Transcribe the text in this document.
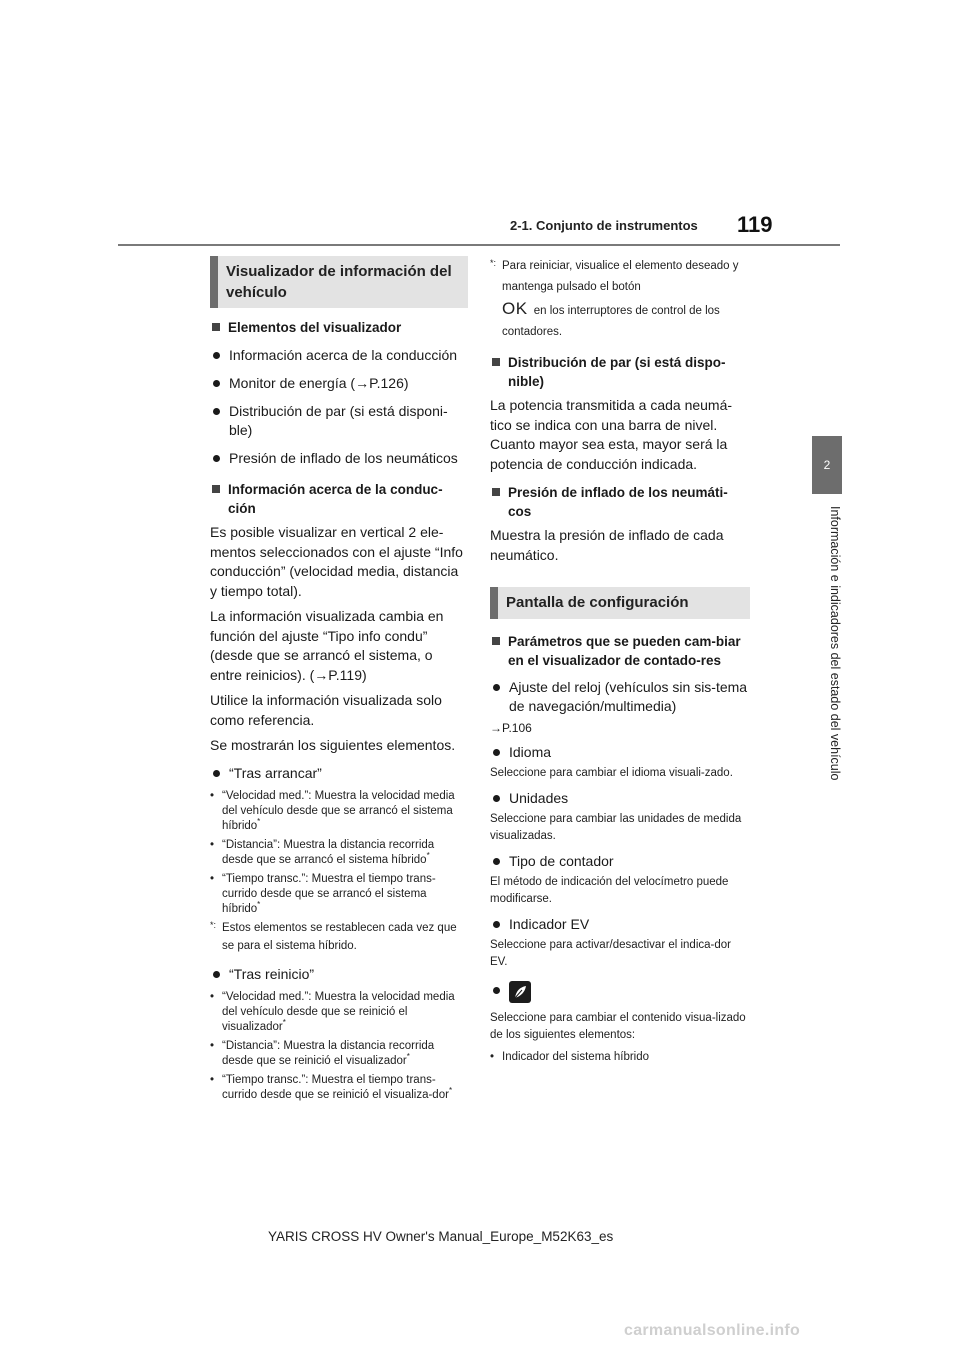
2-1. Conjunto de instrumentos 119
2
Información e indicadores del estado del vehículo
Visualizador de información del vehículo
Elementos del visualizador
Información acerca de la conducción
Monitor de energía (→P.126)
Distribución de par (si está disponi-ble)
Presión de inflado de los neumáticos
Información acerca de la conduc-ción
Es posible visualizar en vertical 2 ele-mentos seleccionados con el ajuste “Info conducción” (velocidad media, distancia y tiempo total).
La información visualizada cambia en función del ajuste “Tipo info condu” (desde que se arrancó el sistema, o entre reinicios). (→P.119)
Utilice la información visualizada solo como referencia.
Se mostrarán los siguientes elementos.
“Tras arrancar”
• “Velocidad med.”: Muestra la velocidad media del vehículo desde que se arrancó el sistema híbrido*
• “Distancia”: Muestra la distancia recorrida desde que se arrancó el sistema híbrido*
• “Tiempo transc.”: Muestra el tiempo trans-currido desde que se arrancó el sistema híbrido*
*: Estos elementos se restablecen cada vez que se para el sistema híbrido.
“Tras reinicio”
• “Velocidad med.”: Muestra la velocidad media del vehículo desde que se reinició el visualizador*
• “Distancia”: Muestra la distancia recorrida desde que se reinició el visualizador*
• “Tiempo transc.”: Muestra el tiempo trans-currido desde que se reinició el visualiza-dor*
*: Para reiniciar, visualice el elemento deseado y mantenga pulsado el botón
OK en los interruptores de control de los contadores.
Distribución de par (si está dispo-nible)
La potencia transmitida a cada neumá-tico se indica con una barra de nivel. Cuanto mayor sea esta, mayor será la potencia de conducción indicada.
Presión de inflado de los neumáti-cos
Muestra la presión de inflado de cada neumático.
Pantalla de configuración
Parámetros que se pueden cam-biar en el visualizador de contado-res
Ajuste del reloj (vehículos sin sis-tema de navegación/multimedia)
→P.106
Idioma
Seleccione para cambiar el idioma visuali-zado.
Unidades
Seleccione para cambiar las unidades de medida visualizadas.
Tipo de contador
El método de indicación del velocímetro puede modificarse.
Indicador EV
Seleccione para activar/desactivar el indica-dor EV.
Seleccione para cambiar el contenido visua-lizado de los siguientes elementos:
• Indicador del sistema híbrido
YARIS CROSS HV Owner's Manual_Europe_M52K63_es
carmanualsonline.info
